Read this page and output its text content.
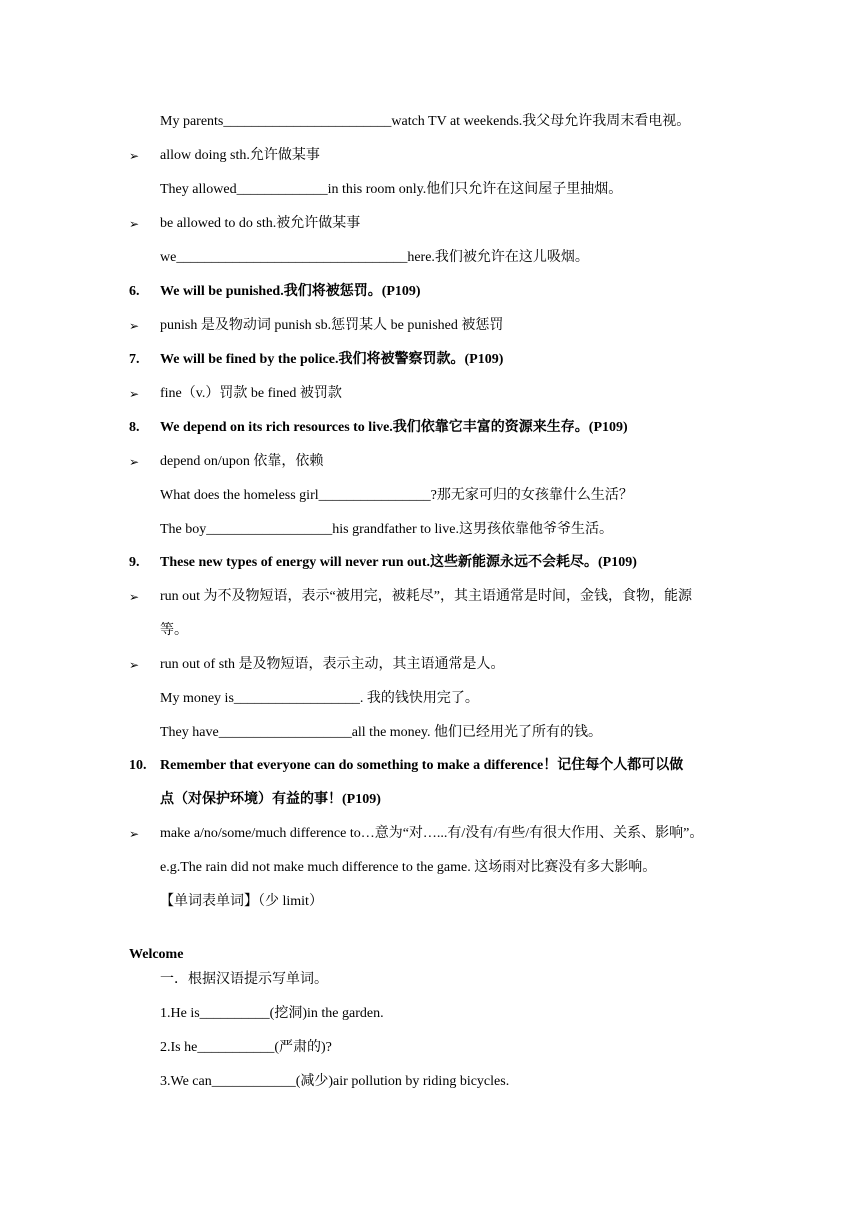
My parents________________________watch TV at weekends.我父母允许我周末看电视。
➢ allow doing sth.允许做某事
They allowed_____________in this room only.他们只允许在这间屋子里抽烟。
➢ be allowed to do sth.被允许做某事
we_________________________________here.我们被允许在这儿吸烟。
6. We will be punished.我们将被惩罚。(P109)
➢ punish 是及物动词 punish sb.惩罚某人 be punished 被惩罚
7. We will be fined by the police.我们将被警察罚款。(P109)
➢ fine（v.）罚款 be fined 被罚款
8. We depend on its rich resources to live.我们依靠它丰富的资源来生存。(P109)
➢ depend on/upon 依靠，依赖
What does the homeless girl________________?那无家可归的女孩靠什么生活？
The boy__________________his grandfather to live.这男孩依靠他爷爷生活。
9. These new types of energy will never run out.这些新能源永远不会耗尽。(P109)
➢ run out 为不及物短语，表示“被用完，被耗尽”，其主语通常是时间，金钱，食物，能源
等。
➢ run out of sth 是及物短语，表示主动，其主语通常是人。
My money is__________________. 我的钱快用完了。
They have___________________all the money. 他们已经用光了所有的钱。
10. Remember that everyone can do something to make a difference！记住每个人都可以做
点（对保护环境）有益的事！(P109)
➢ make a/no/some/much difference to…意为“对…...有/没有/有些/有很大作用、关系、影响”。
e.g.The rain did not make much difference to the game. 这场雨对比赛没有多大影响。
【单词表单词】（少 limit）
Welcome
一．根据汉语提示写单词。
1.He is__________(挖洞)in the garden.
2.Is he___________(严肃的)?
3.We can____________(减少)air pollution by riding bicycles.
